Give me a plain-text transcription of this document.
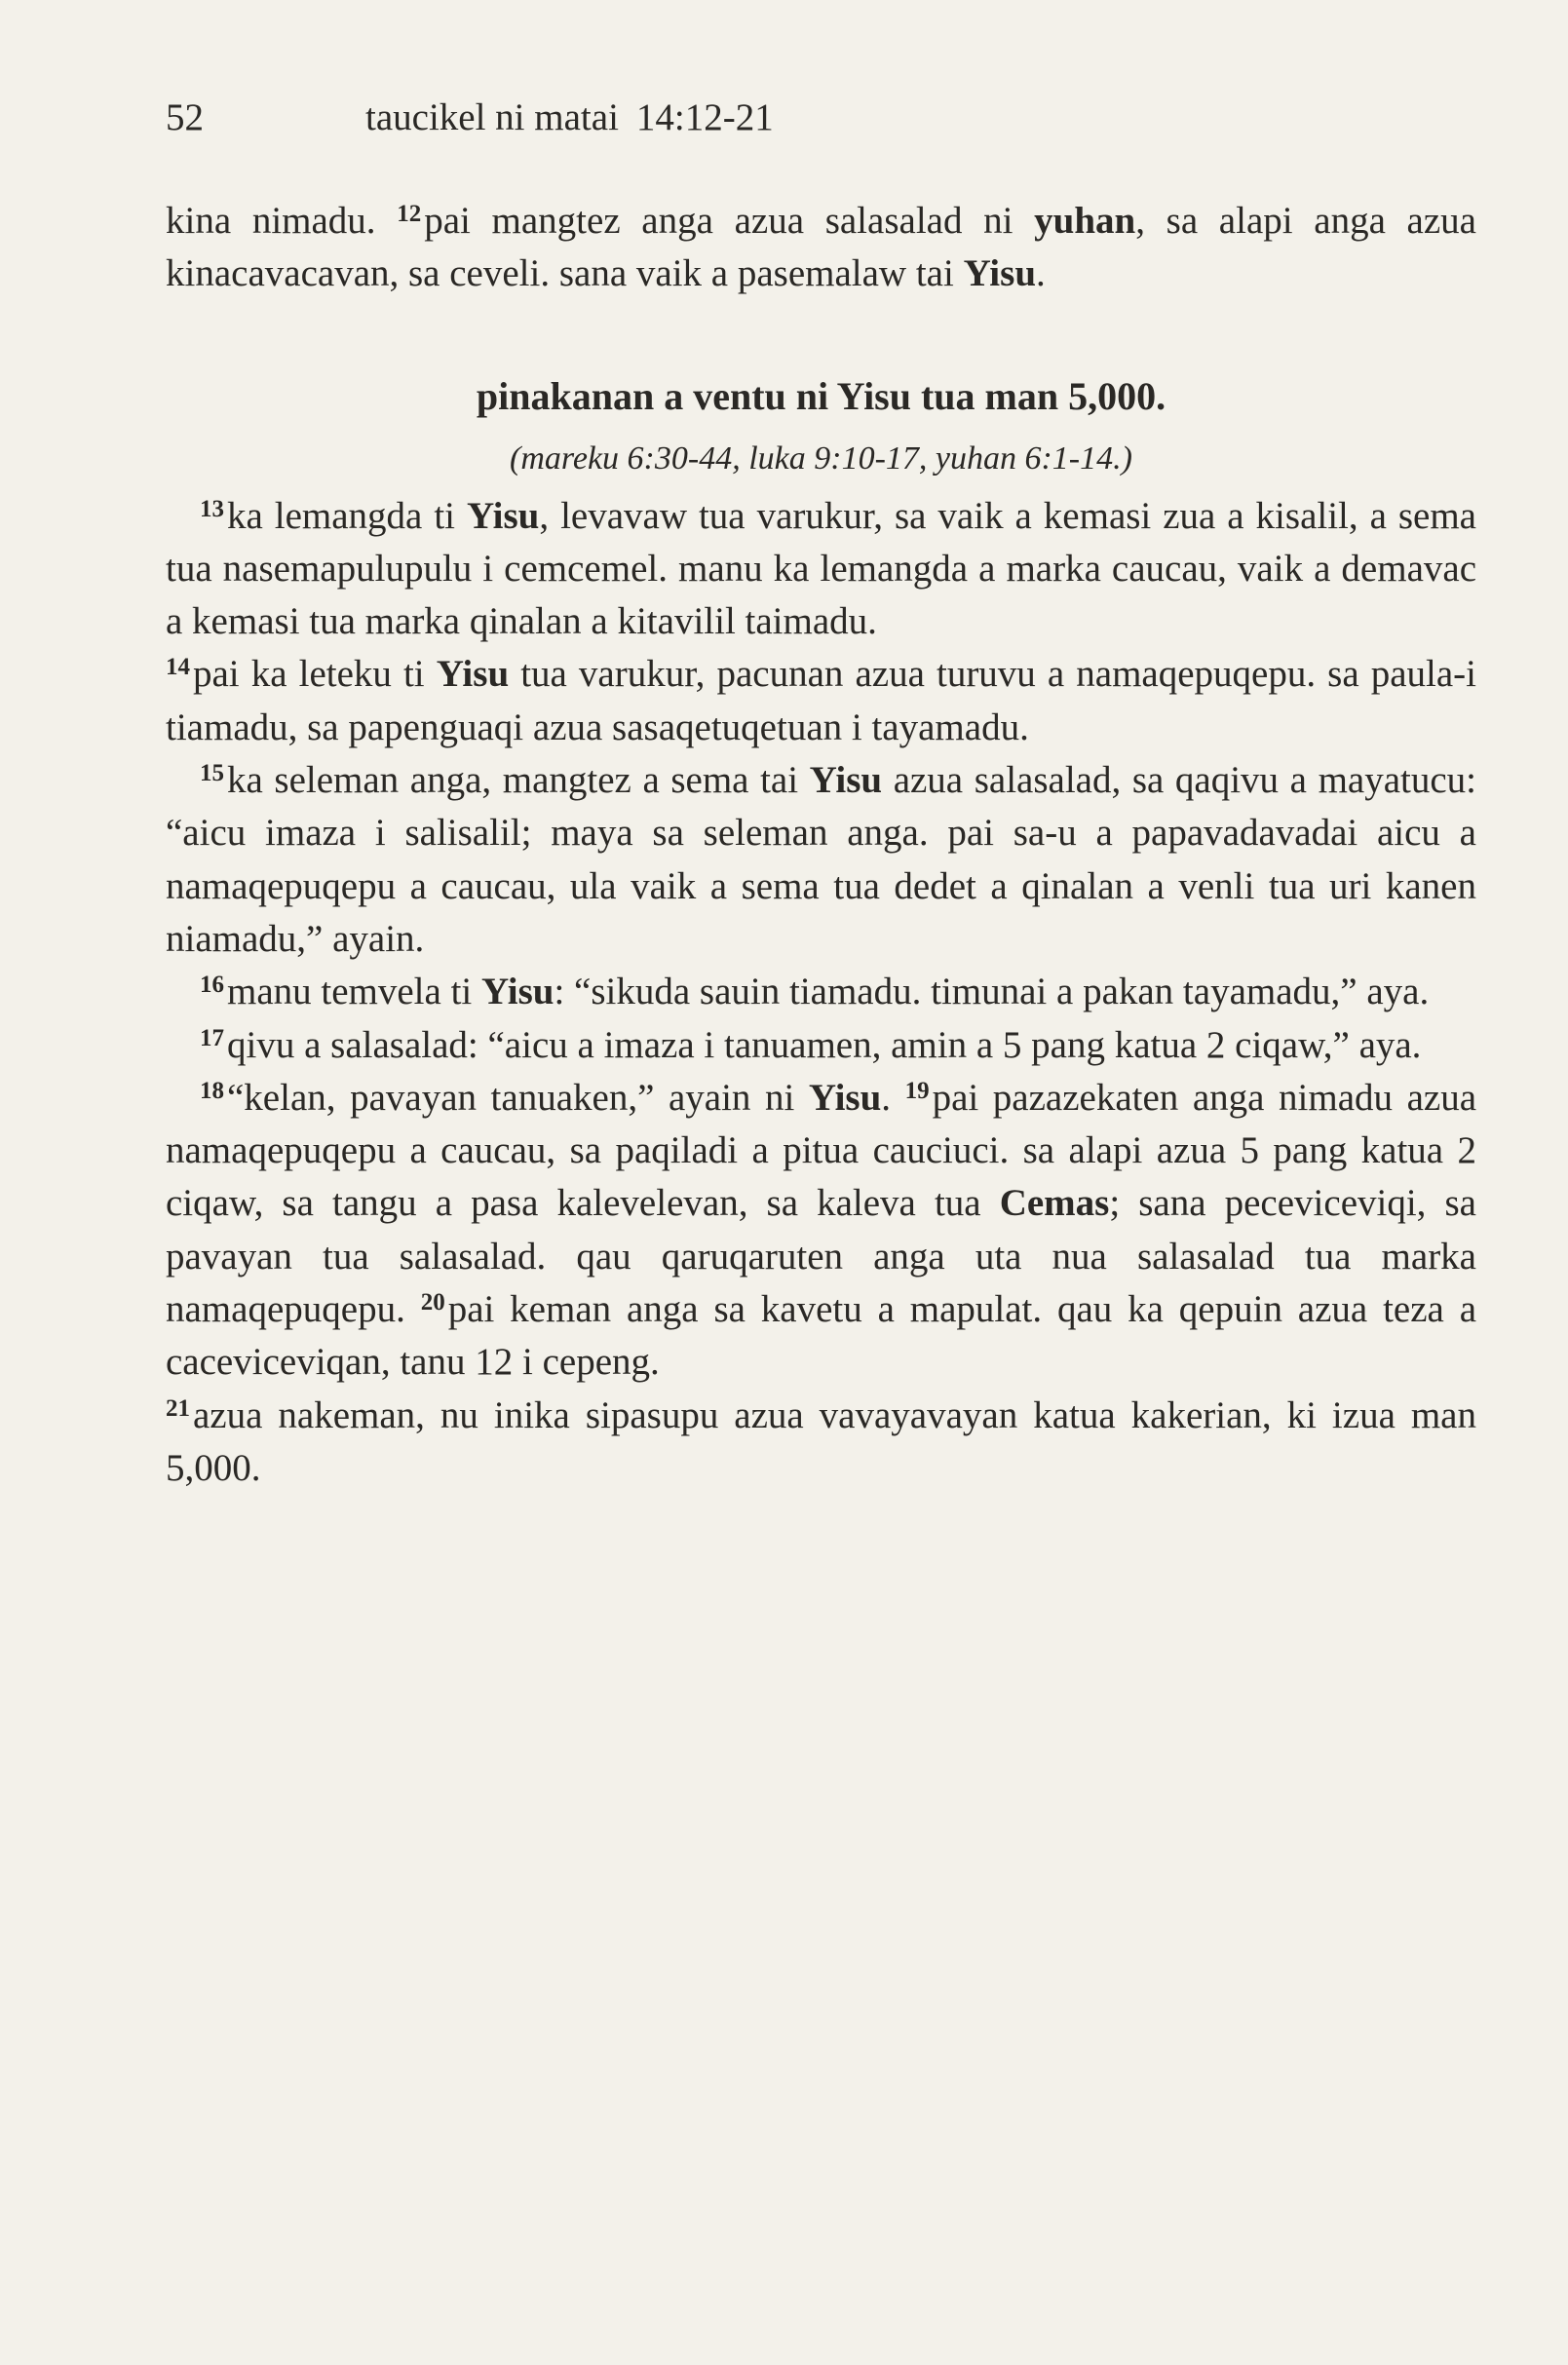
52	taucikel ni matai 14:12-21

kina nimadu. $^{12}$pai mangtez anga azua salasalad ni yuhan, sa alapi anga azua kinacavacavan, sa ceveli. sana vaik a pasemalaw tai Yisu.

pinakanan a ventu ni Yisu tua man 5,000.
(mareku 6:30-44, luka 9:10-17, yuhan 6:1-14.)

$^{13}$ka lemangda ti Yisu, levavaw tua varukur, sa vaik a kemasi zua a kisalil, a sema tua nasemapulupulu i cemcemel. manu ka lemangda a marka caucau, vaik a demavac a kemasi tua marka qinalan a kitavilil taimadu.
$^{14}$pai ka leteku ti Yisu tua varukur, pacunan azua turuvu a namaqepuqepu. sa paula-i tiamadu, sa papenguaqi azua sasaqetuqetuan i tayamadu.

$^{15}$ka seleman anga, mangtez a sema tai Yisu azua salasalad, sa qaqivu a mayatucu: “aicu imaza i salisalil; maya sa seleman anga. pai sa-u a papavadavadai aicu a namaqepuqepu a caucau, ula vaik a sema tua dedet a qinalan a venli tua uri kanen niamadu,” ayain.

$^{16}$manu temvela ti Yisu: “sikuda sauin tiamadu. timunai a pakan tayamadu,” aya.

$^{17}$qivu a salasalad: “aicu a imaza i tanuamen, amin a 5 pang katua 2 ciqaw,” aya.

$^{18}$“kelan, pavayan tanuaken,” ayain ni Yisu. $^{19}$pai pazazekaten anga nimadu azua namaqepuqepu a caucau, sa paqiladi a pitua cauciuci. sa alapi azua 5 pang katua 2 ciqaw, sa tangu a pasa kalevelevan, sa kaleva tua Cemas; sana peceviceviqi, sa pavayan tua salasalad. qau qaruqaruten anga uta nua salasalad tua marka namaqepuqepu. $^{20}$pai keman anga sa kavetu a mapulat. qau ka qepuin azua teza a caceviceviqan, tanu 12 i cepeng.
$^{21}$azua nakeman, nu inika sipasupu azua vavayavayan katua kakerian, ki izua man 5,000.
